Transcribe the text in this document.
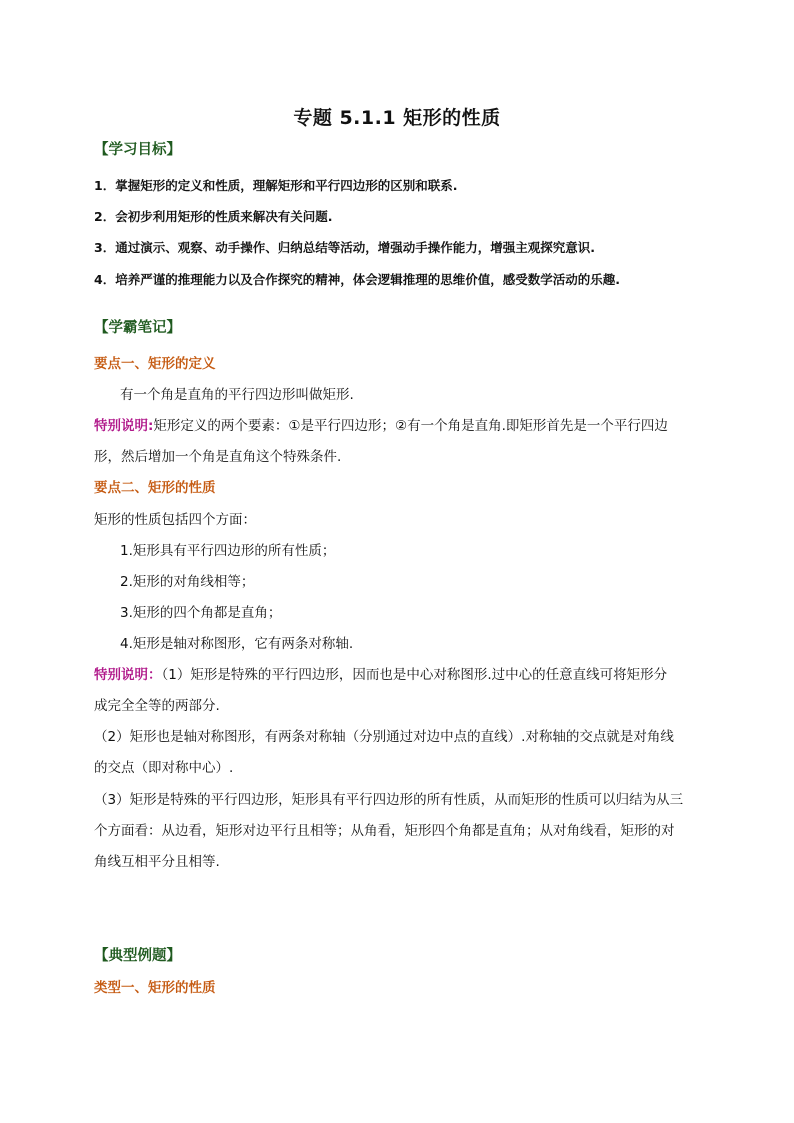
专题 5.1.1 矩形的性质
【学习目标】
1．掌握矩形的定义和性质，理解矩形和平行四边形的区别和联系.
2．会初步利用矩形的性质来解决有关问题.
3．通过演示、观察、动手操作、归纳总结等活动，增强动手操作能力，增强主观探究意识.
4．培养严谨的推理能力以及合作探究的精神，体会逻辑推理的思维价值，感受数学活动的乐趣.
【学霸笔记】
要点一、矩形的定义
有一个角是直角的平行四边形叫做矩形.
特别说明:矩形定义的两个要素：①是平行四边形；②有一个角是直角.即矩形首先是一个平行四边
形，然后增加一个角是直角这个特殊条件.
要点二、矩形的性质
矩形的性质包括四个方面：
1.矩形具有平行四边形的所有性质；
2.矩形的对角线相等；
3.矩形的四个角都是直角；
4.矩形是轴对称图形，它有两条对称轴.
特别说明：（1）矩形是特殊的平行四边形，因而也是中心对称图形.过中心的任意直线可将矩形分
成完全全等的两部分.
（2）矩形也是轴对称图形，有两条对称轴（分别通过对边中点的直线）.对称轴的交点就是对角线
的交点（即对称中心）.
（3）矩形是特殊的平行四边形，矩形具有平行四边形的所有性质，从而矩形的性质可以归结为从三
个方面看：从边看，矩形对边平行且相等；从角看，矩形四个角都是直角；从对角线看，矩形的对
角线互相平分且相等.
【典型例题】
类型一、矩形的性质
